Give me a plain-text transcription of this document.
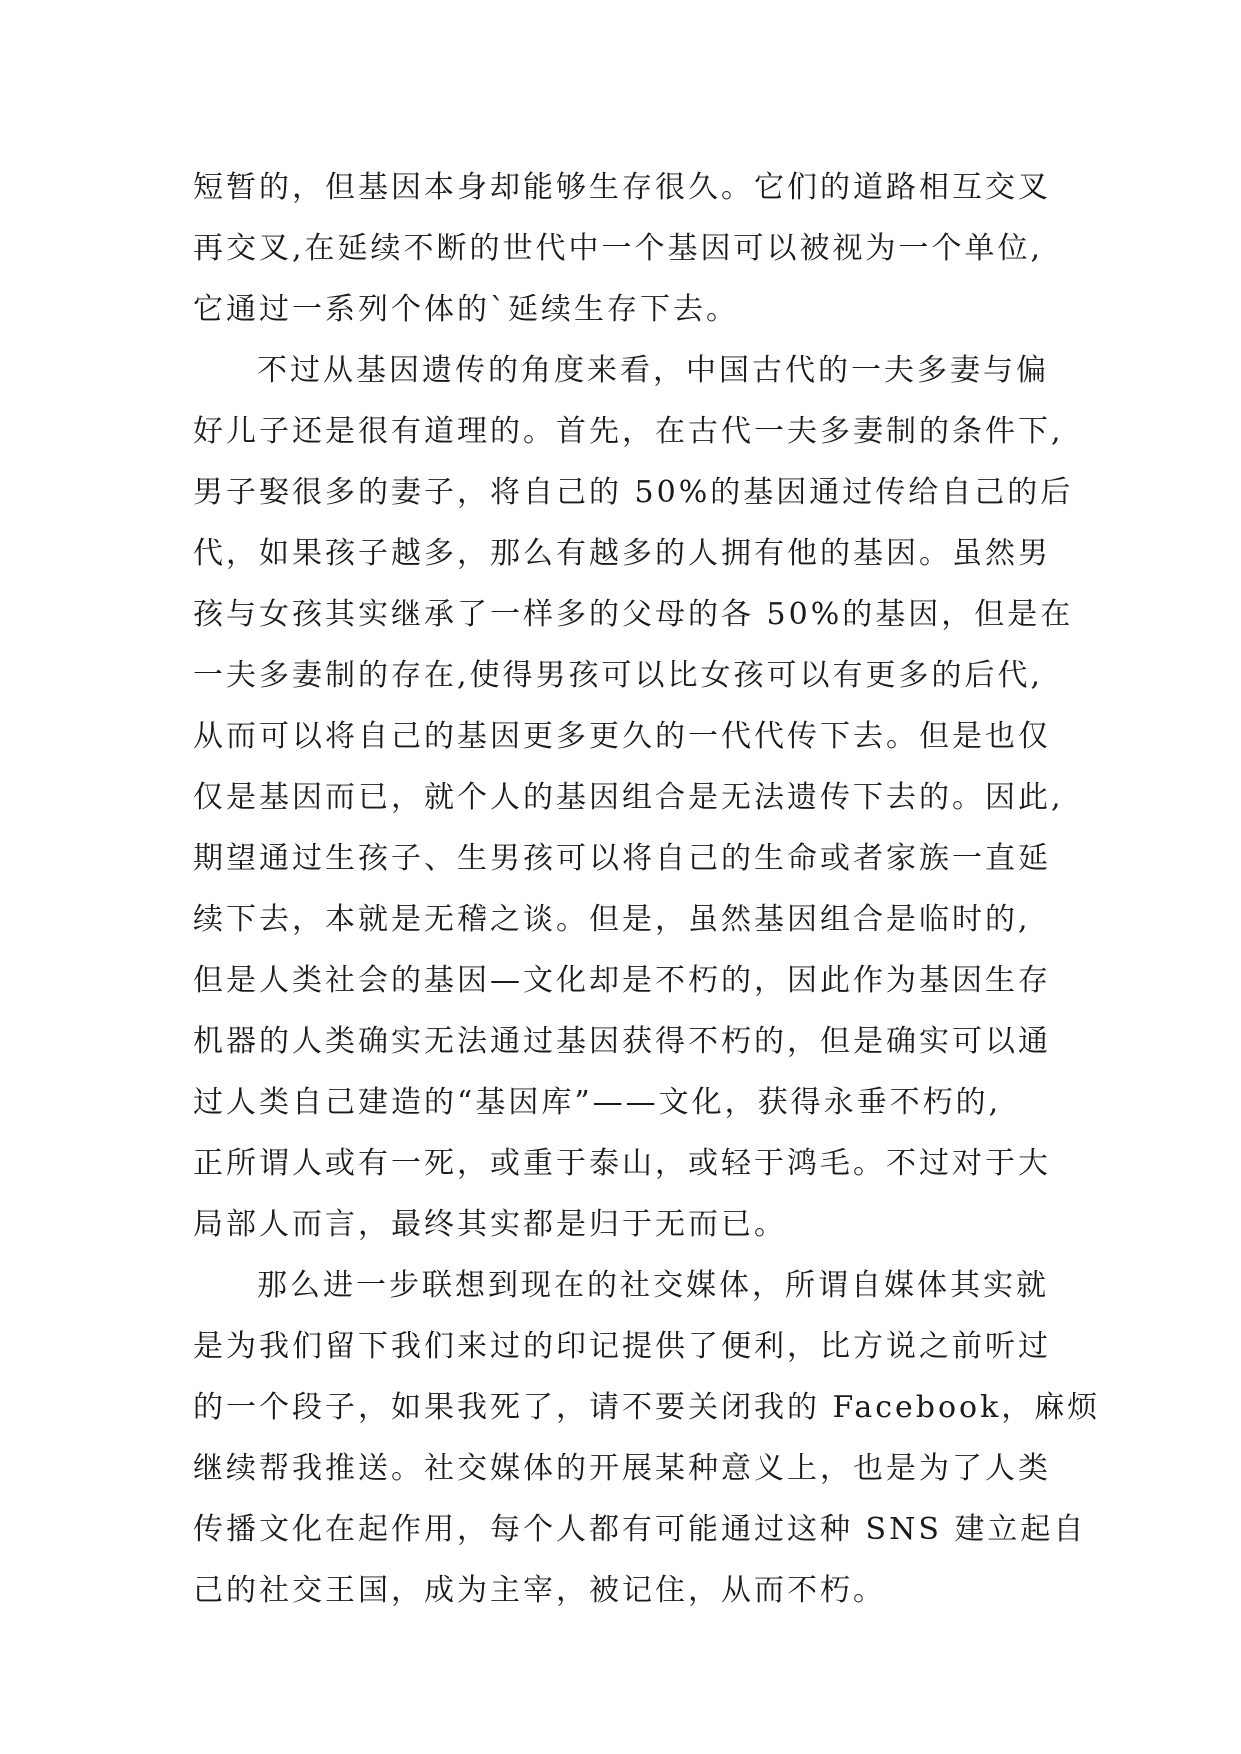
短暂的，但基因本身却能够生存很久。它们的道路相互交叉
再交叉,在延续不断的世代中一个基因可以被视为一个单位,
它通过一系列个体的`延续生存下去。
不过从基因遗传的角度来看，中国古代的一夫多妻与偏
好儿子还是很有道理的。首先，在古代一夫多妻制的条件下,
男子娶很多的妻子，将自己的 50%的基因通过传给自己的后
代，如果孩子越多，那么有越多的人拥有他的基因。虽然男
孩与女孩其实继承了一样多的父母的各 50%的基因，但是在
一夫多妻制的存在,使得男孩可以比女孩可以有更多的后代,
从而可以将自己的基因更多更久的一代代传下去。但是也仅
仅是基因而已，就个人的基因组合是无法遗传下去的。因此,
期望通过生孩子、生男孩可以将自己的生命或者家族一直延
续下去，本就是无稽之谈。但是，虽然基因组合是临时的,
但是人类社会的基因—文化却是不朽的，因此作为基因生存
机器的人类确实无法通过基因获得不朽的，但是确实可以通
过人类自己建造的“基因库”——文化，获得永垂不朽的,
正所谓人或有一死，或重于泰山，或轻于鸿毛。不过对于大
局部人而言，最终其实都是归于无而已。
那么进一步联想到现在的社交媒体，所谓自媒体其实就
是为我们留下我们来过的印记提供了便利，比方说之前听过
的一个段子，如果我死了，请不要关闭我的 Facebook，麻烦
继续帮我推送。社交媒体的开展某种意义上，也是为了人类
传播文化在起作用，每个人都有可能通过这种 SNS 建立起自
己的社交王国，成为主宰，被记住，从而不朽。
